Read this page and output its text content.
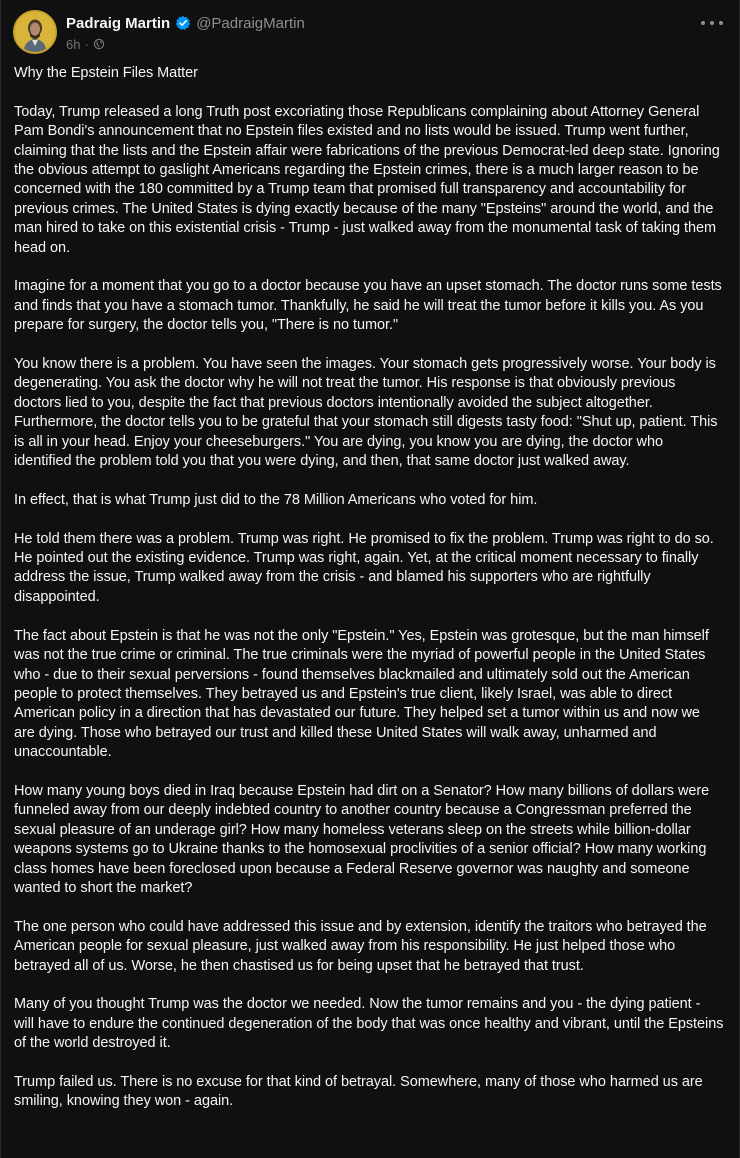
Padraig Martin @PadraigMartin
6h ·

Why the Epstein Files Matter

Today, Trump released a long Truth post excoriating those Republicans complaining about Attorney General Pam Bondi's announcement that no Epstein files existed and no lists would be issued. Trump went further, claiming that the lists and the Epstein affair were fabrications of the previous Democrat-led deep state. Ignoring the obvious attempt to gaslight Americans regarding the Epstein crimes, there is a much larger reason to be concerned with the 180 committed by a Trump team that promised full transparency and accountability for previous crimes. The United States is dying exactly because of the many "Epsteins" around the world, and the man hired to take on this existential crisis - Trump - just walked away from the monumental task of taking them head on.

Imagine for a moment that you go to a doctor because you have an upset stomach. The doctor runs some tests and finds that you have a stomach tumor. Thankfully, he said he will treat the tumor before it kills you. As you prepare for surgery, the doctor tells you, "There is no tumor."

You know there is a problem. You have seen the images. Your stomach gets progressively worse. Your body is degenerating. You ask the doctor why he will not treat the tumor. His response is that obviously previous doctors lied to you, despite the fact that previous doctors intentionally avoided the subject altogether. Furthermore, the doctor tells you to be grateful that your stomach still digests tasty food: "Shut up, patient. This is all in your head. Enjoy your cheeseburgers." You are dying, you know you are dying, the doctor who identified the problem told you that you were dying, and then, that same doctor just walked away.

In effect, that is what Trump just did to the 78 Million Americans who voted for him.

He told them there was a problem. Trump was right. He promised to fix the problem. Trump was right to do so. He pointed out the existing evidence. Trump was right, again. Yet, at the critical moment necessary to finally address the issue, Trump walked away from the crisis - and blamed his supporters who are rightfully disappointed.

The fact about Epstein is that he was not the only "Epstein." Yes, Epstein was grotesque, but the man himself was not the true crime or criminal. The true criminals were the myriad of powerful people in the United States who - due to their sexual perversions - found themselves blackmailed and ultimately sold out the American people to protect themselves. They betrayed us and Epstein's true client, likely Israel, was able to direct American policy in a direction that has devastated our future. They helped set a tumor within us and now we are dying. Those who betrayed our trust and killed these United States will walk away, unharmed and unaccountable.

How many young boys died in Iraq because Epstein had dirt on a Senator? How many billions of dollars were funneled away from our deeply indebted country to another country because a Congressman preferred the sexual pleasure of an underage girl? How many homeless veterans sleep on the streets while billion-dollar weapons systems go to Ukraine thanks to the homosexual proclivities of a senior official? How many working class homes have been foreclosed upon because a Federal Reserve governor was naughty and someone wanted to short the market?

The one person who could have addressed this issue and by extension, identify the traitors who betrayed the American people for sexual pleasure, just walked away from his responsibility. He just helped those who betrayed all of us. Worse, he then chastised us for being upset that he betrayed that trust.

Many of you thought Trump was the doctor we needed. Now the tumor remains and you - the dying patient - will have to endure the continued degeneration of the body that was once healthy and vibrant, until the Epsteins of the world destroyed it.

Trump failed us. There is no excuse for that kind of betrayal. Somewhere, many of those who harmed us are smiling, knowing they won - again.
